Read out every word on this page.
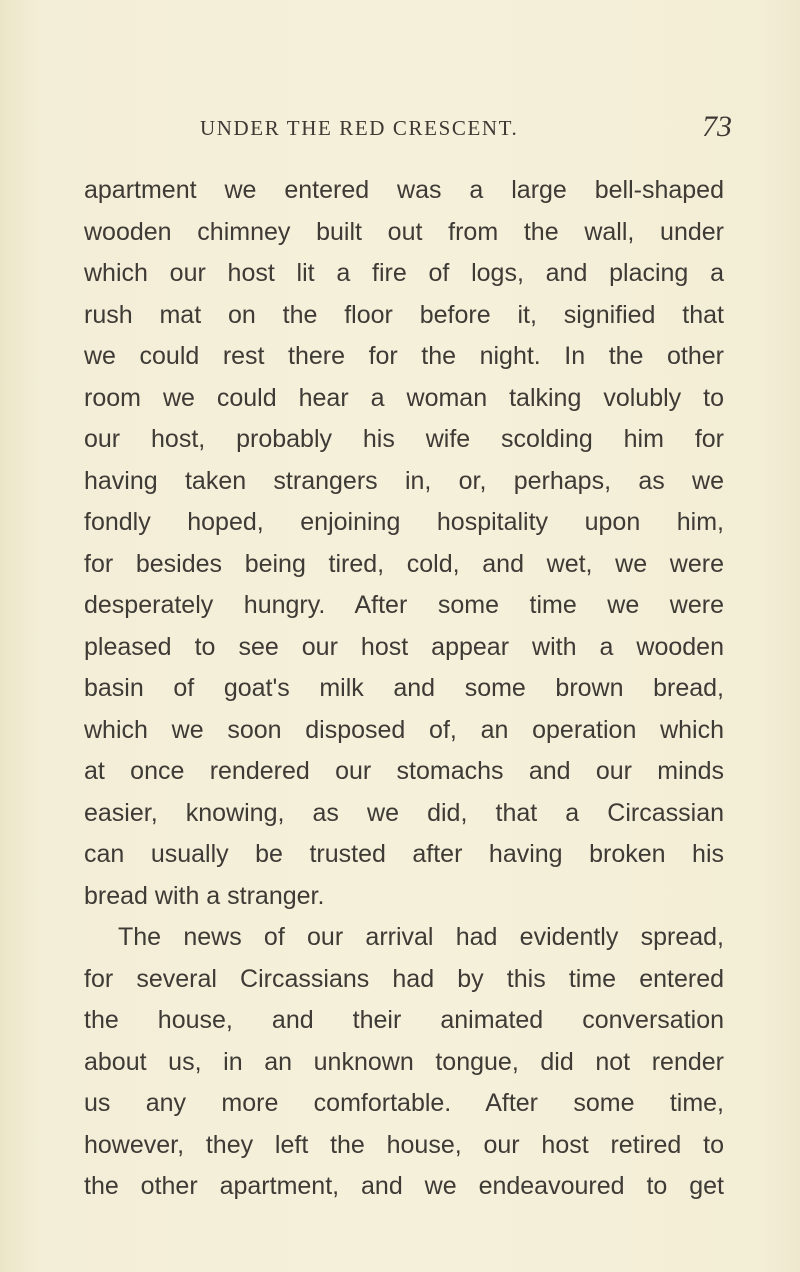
UNDER THE RED CRESCENT.	73
apartment we entered was a large bell-shaped
wooden chimney built out from the wall, under
which our host lit a fire of logs, and placing a
rush mat on the floor before it, signified that
we could rest there for the night. In the other
room we could hear a woman talking volubly to
our host, probably his wife scolding him for
having taken strangers in, or, perhaps, as we
fondly hoped, enjoining hospitality upon him,
for besides being tired, cold, and wet, we were
desperately hungry. After some time we were
pleased to see our host appear with a wooden
basin of goat's milk and some brown bread,
which we soon disposed of, an operation which
at once rendered our stomachs and our minds
easier, knowing, as we did, that a Circassian
can usually be trusted after having broken his
bread with a stranger.
The news of our arrival had evidently spread,
for several Circassians had by this time entered
the house, and their animated conversation
about us, in an unknown tongue, did not render
us any more comfortable. After some time,
however, they left the house, our host retired to
the other apartment, and we endeavoured to get
